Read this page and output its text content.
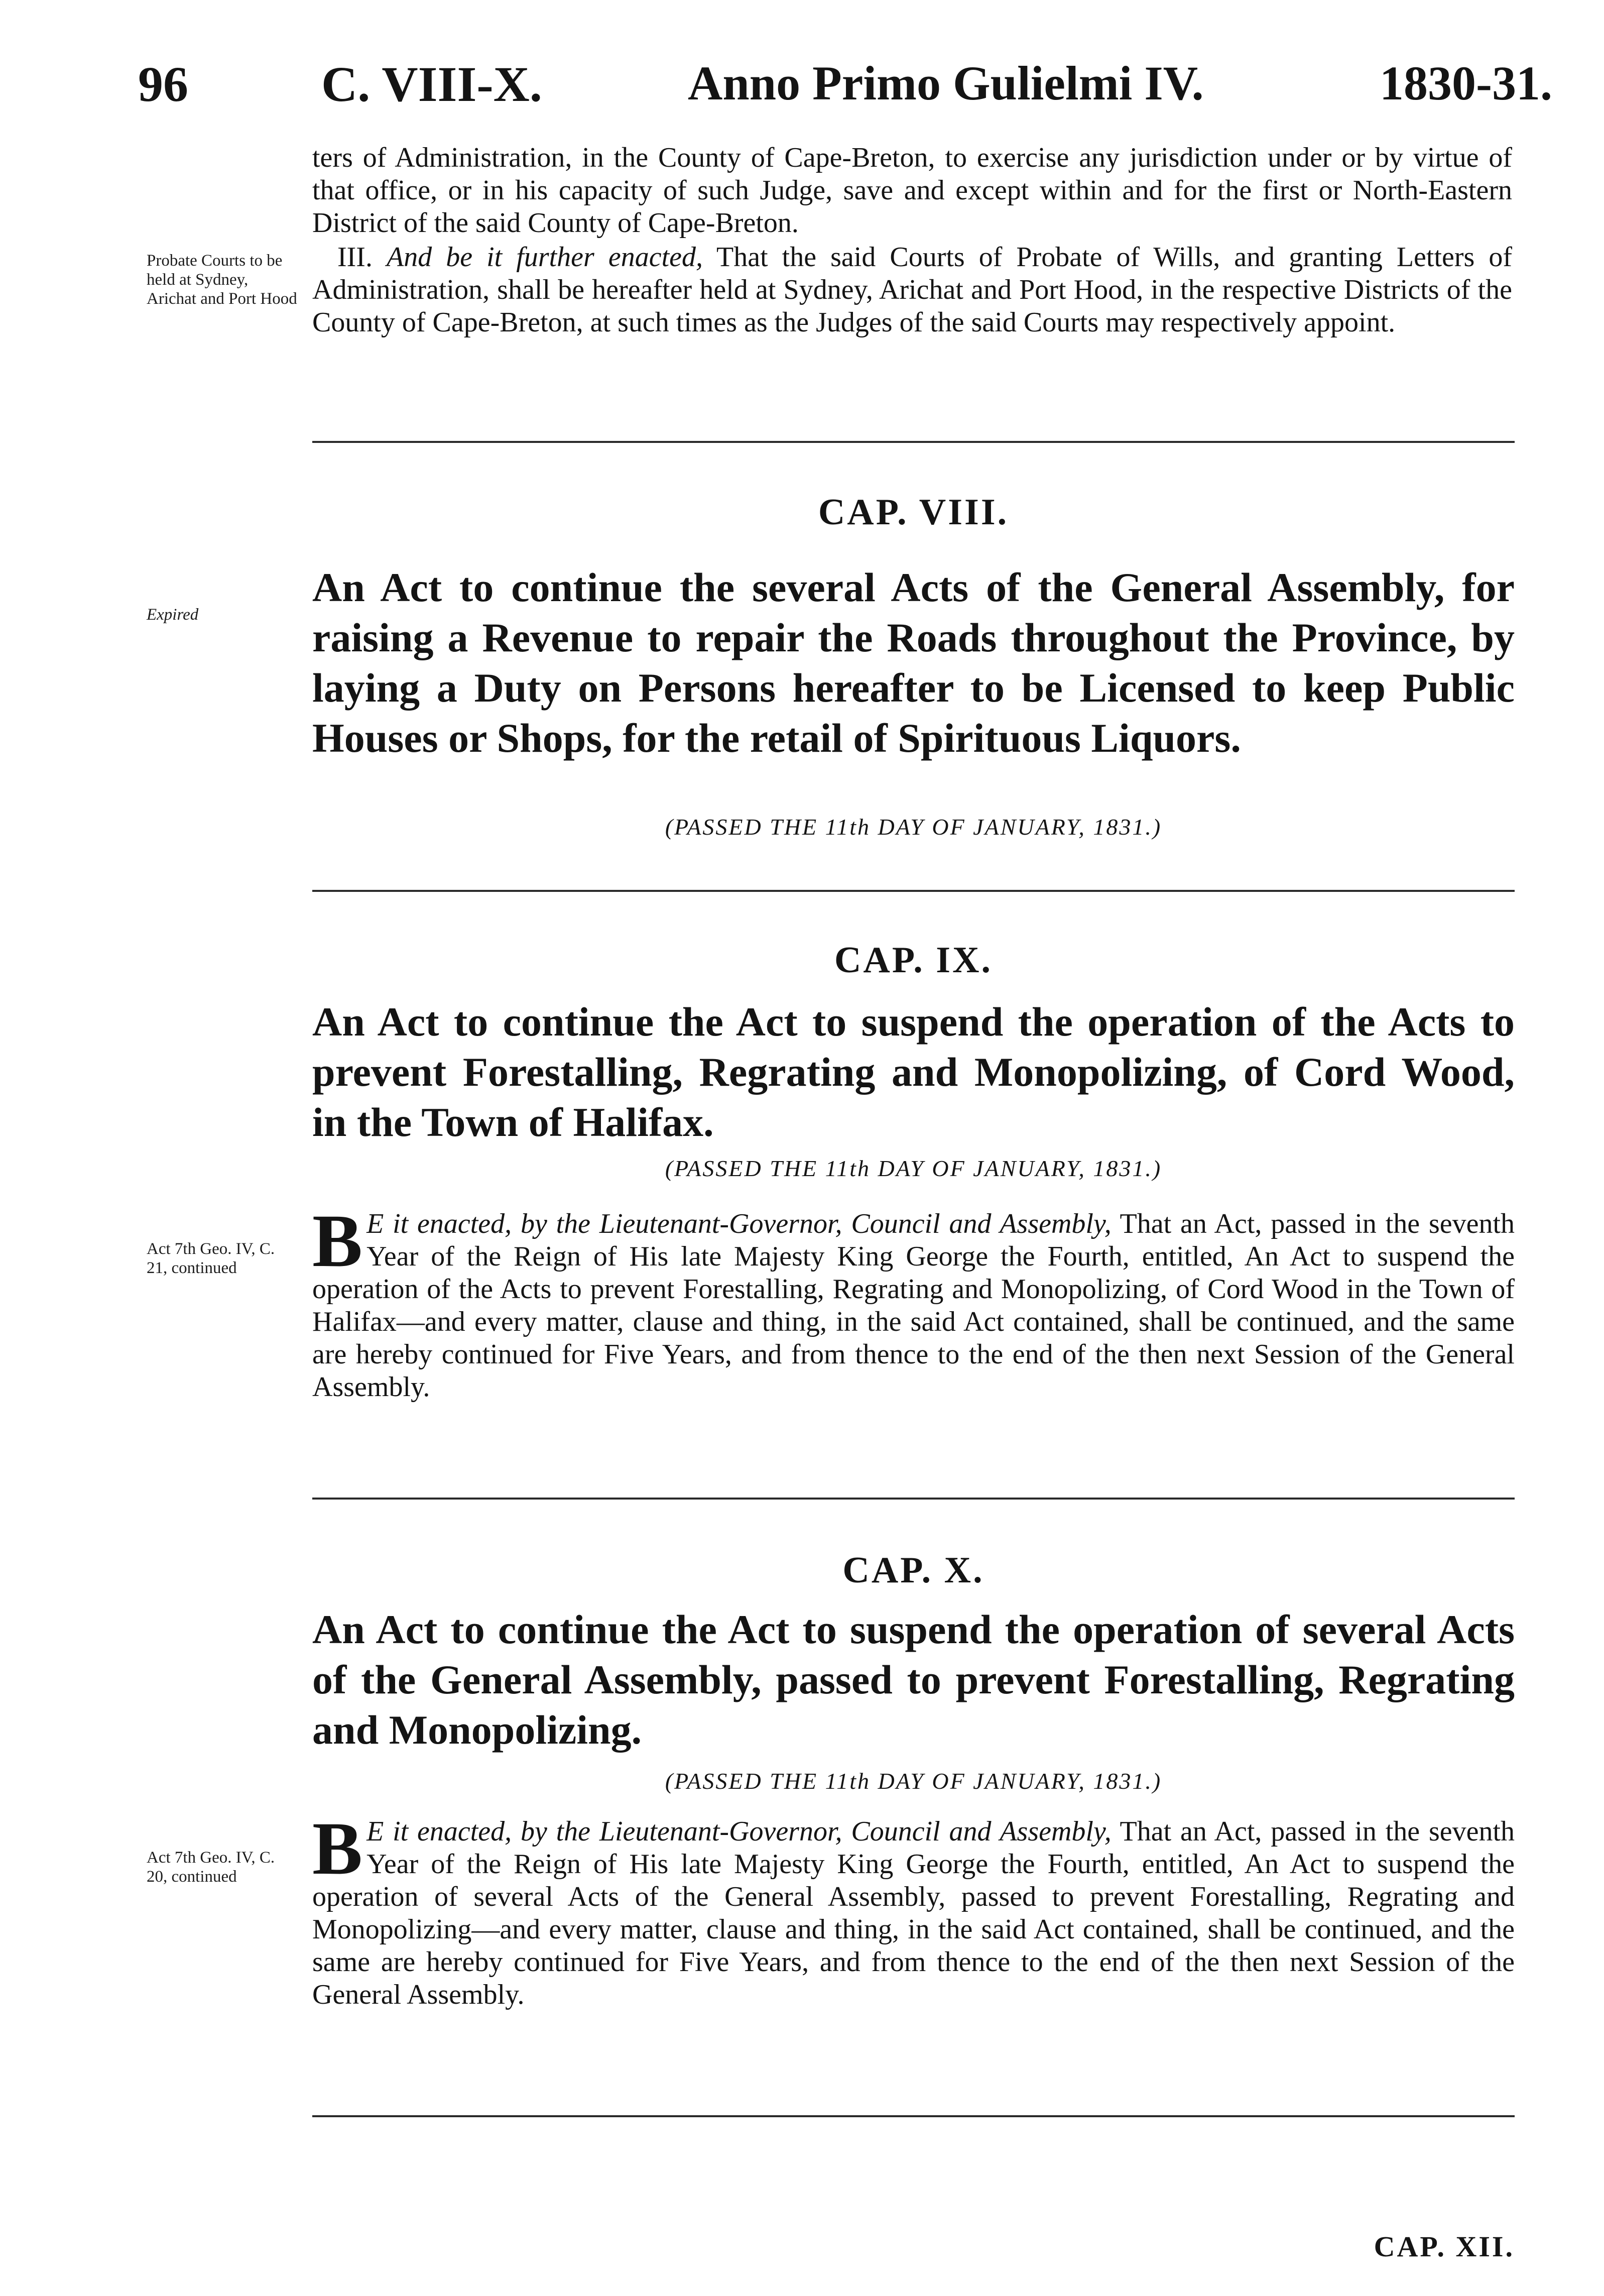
96	C. VIII-X.	Anno Primo Gulielmi IV.	1830-31.
ters of Administration, in the County of Cape-Breton, to exercise any jurisdiction under or by virtue of that office, or in his capacity of such Judge, save and except within and for the first or North-Eastern District of the said County of Cape-Breton.
Probate Courts to be held at Sydney, Arichat and Port Hood
III. And be it further enacted, That the said Courts of Probate of Wills, and granting Letters of Administration, shall be hereafter held at Sydney, Arichat and Port Hood, in the respective Districts of the County of Cape-Breton, at such times as the Judges of the said Courts may respectively appoint.
CAP. VIII.
Expired
An Act to continue the several Acts of the General Assembly, for raising a Revenue to repair the Roads throughout the Province, by laying a Duty on Persons hereafter to be Licensed to keep Public Houses or Shops, for the retail of Spirituous Liquors.
(PASSED THE 11th DAY OF JANUARY, 1831.)
CAP. IX.
An Act to continue the Act to suspend the operation of the Acts to prevent Forestalling, Regrating and Monopolizing, of Cord Wood, in the Town of Halifax.
(PASSED THE 11th DAY OF JANUARY, 1831.)
Act 7th Geo. IV, C. 21, continued	B E it enacted, by the Lieutenant-Governor, Council and Assembly, That an Act, passed in the seventh Year of the Reign of His late Majesty King George the Fourth, entitled, An Act to suspend the operation of the Acts to prevent Forestalling, Regrating and Monopolizing, of Cord Wood in the Town of Halifax—and every matter, clause and thing, in the said Act contained, shall be continued, and the same are hereby continued for Five Years, and from thence to the end of the then next Session of the General Assembly.
CAP. X.
An Act to continue the Act to suspend the operation of several Acts of the General Assembly, passed to prevent Forestalling, Regrating and Monopolizing.
(PASSED THE 11th DAY OF JANUARY, 1831.)
Act 7th Geo. IV, C. 20, continued	B E it enacted, by the Lieutenant-Governor, Council and Assembly, That an Act, passed in the seventh Year of the Reign of His late Majesty King George the Fourth, entitled, An Act to suspend the operation of several Acts of the General Assembly, passed to prevent Forestalling, Regrating and Monopolizing—and every matter, clause and thing, in the said Act contained, shall be continued, and the same are hereby continued for Five Years, and from thence to the end of the then next Session of the General Assembly.
CAP. XII.
